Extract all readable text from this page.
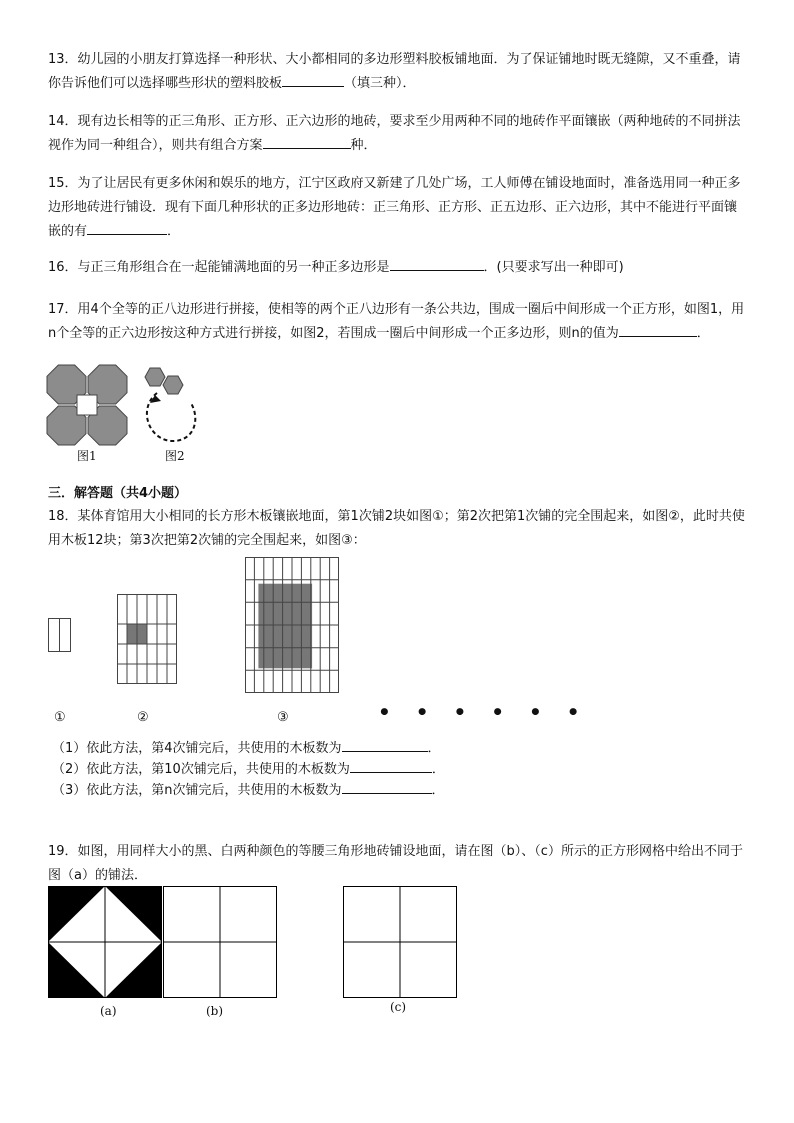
13．幼儿园的小朋友打算选择一种形状、大小都相同的多边形塑料胶板铺地面．为了保证铺地时既无缝隙，又不重叠，请你告诉他们可以选择哪些形状的塑料胶板	（填三种）．
14．现有边长相等的正三角形、正方形、正六边形的地砖，要求至少用两种不同的地砖作平面镶嵌（两种地砖的不同拼法视作为同一种组合），则共有组合方案	种．
15．为了让居民有更多休闲和娱乐的地方，江宁区政府又新建了几处广场，工人师傅在铺设地面时，准备选用同一种正多边形地砖进行铺设．现有下面几种形状的正多边形地砖：正三角形、正方形、正五边形、正六边形，其中不能进行平面镶嵌的有	．
16．与正三角形组合在一起能铺满地面的另一种正多边形是	．(只要求写出一种即可)
17．用4个全等的正八边形进行拼接，使相等的两个正八边形有一条公共边，围成一圈后中间形成一个正方形，如图1，用n个全等的正六边形按这种方式进行拼接，如图2，若围成一圈后中间形成一个正多边形，则n的值为	．
图1	图2
三．解答题（共4小题）
18．某体育馆用大小相同的长方形木板镶嵌地面，第1次铺2块如图①；第2次把第1次铺的完全围起来，如图②，此时共使用木板12块；第3次把第2次铺的完全围起来，如图③：
①	②	③	• • • • • •
（1）依此方法，第4次铺完后，共使用的木板数为	．
（2）依此方法，第10次铺完后，共使用的木板数为	．
（3）依此方法，第n次铺完后，共使用的木板数为	．
19．如图，用同样大小的黑、白两种颜色的等腰三角形地砖铺设地面，请在图（b）、（c）所示的正方形网格中给出不同于图（a）的铺法．
(a)	(b)	(c)
